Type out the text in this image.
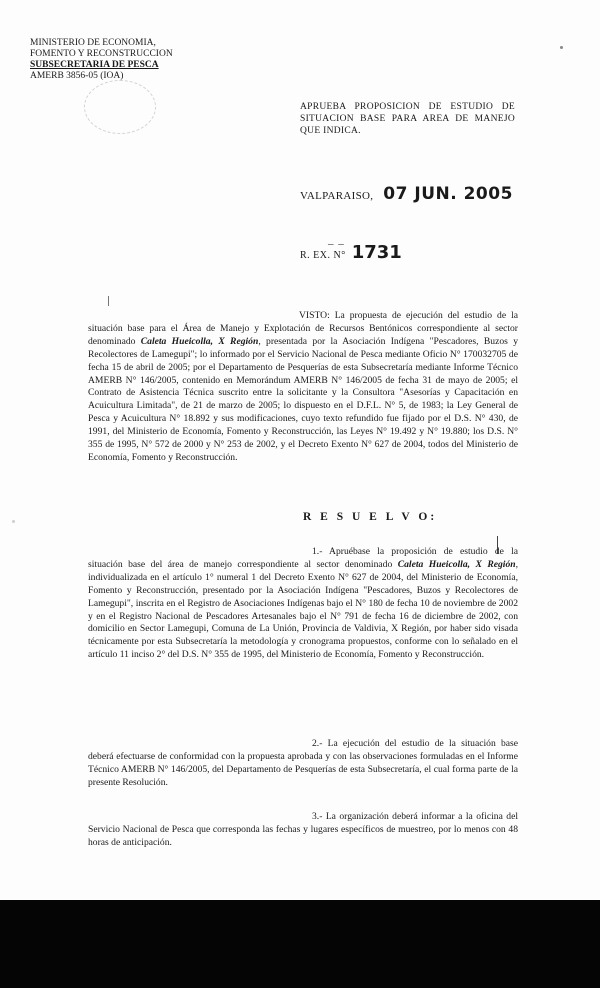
MINISTERIO DE ECONOMIA,
FOMENTO Y RECONSTRUCCION
SUBSECRETARIA DE PESCA
AMERB 3856-05 (IOA)
APRUEBA PROPOSICION DE ESTUDIO DE SITUACION BASE PARA AREA DE MANEJO QUE INDICA.
VALPARAISO, 07 JUN. 2005
_ _
R. EX. N° 1731
VISTO: La propuesta de ejecución del estudio de la situación base para el Área de Manejo y Explotación de Recursos Bentónicos correspondiente al sector denominado Caleta Hueicolla, X Región, presentada por la Asociación Indígena "Pescadores, Buzos y Recolectores de Lamegupi"; lo informado por el Servicio Nacional de Pesca mediante Oficio N° 170032705 de fecha 15 de abril de 2005; por el Departamento de Pesquerías de esta Subsecretaría mediante Informe Técnico AMERB N° 146/2005, contenido en Memorándum AMERB N° 146/2005 de fecha 31 de mayo de 2005; el Contrato de Asistencia Técnica suscrito entre la solicitante y la Consultora "Asesorías y Capacitación en Acuicultura Limitada", de 21 de marzo de 2005; lo dispuesto en el D.F.L. N° 5, de 1983; la Ley General de Pesca y Acuicultura N° 18.892 y sus modificaciones, cuyo texto refundido fue fijado por el D.S. N° 430, de 1991, del Ministerio de Economía, Fomento y Reconstrucción, las Leyes N° 19.492 y N° 19.880; los D.S. N° 355 de 1995, N° 572 de 2000 y N° 253 de 2002, y el Decreto Exento N° 627 de 2004, todos del Ministerio de Economía, Fomento y Reconstrucción.
R E S U E L V O:
1.- Apruébase la proposición de estudio de la situación base del área de manejo correspondiente al sector denominado Caleta Hueicolla, X Región, individualizada en el artículo 1° numeral 1 del Decreto Exento N° 627 de 2004, del Ministerio de Economía, Fomento y Reconstrucción, presentado por la Asociación Indígena "Pescadores, Buzos y Recolectores de Lamegupi", inscrita en el Registro de Asociaciones Indígenas bajo el N° 180 de fecha 10 de noviembre de 2002 y en el Registro Nacional de Pescadores Artesanales bajo el N° 791 de fecha 16 de diciembre de 2002, con domicilio en Sector Lamegupi, Comuna de La Unión, Provincia de Valdivia, X Región, por haber sido visada técnicamente por esta Subsecretaría la metodología y cronograma propuestos, conforme con lo señalado en el artículo 11 inciso 2° del D.S. N° 355 de 1995, del Ministerio de Economía, Fomento y Reconstrucción.
2.- La ejecución del estudio de la situación base deberá efectuarse de conformidad con la propuesta aprobada y con las observaciones formuladas en el Informe Técnico AMERB N° 146/2005, del Departamento de Pesquerías de esta Subsecretaría, el cual forma parte de la presente Resolución.
3.- La organización deberá informar a la oficina del Servicio Nacional de Pesca que corresponda las fechas y lugares específicos de muestreo, por lo menos con 48 horas de anticipación.
